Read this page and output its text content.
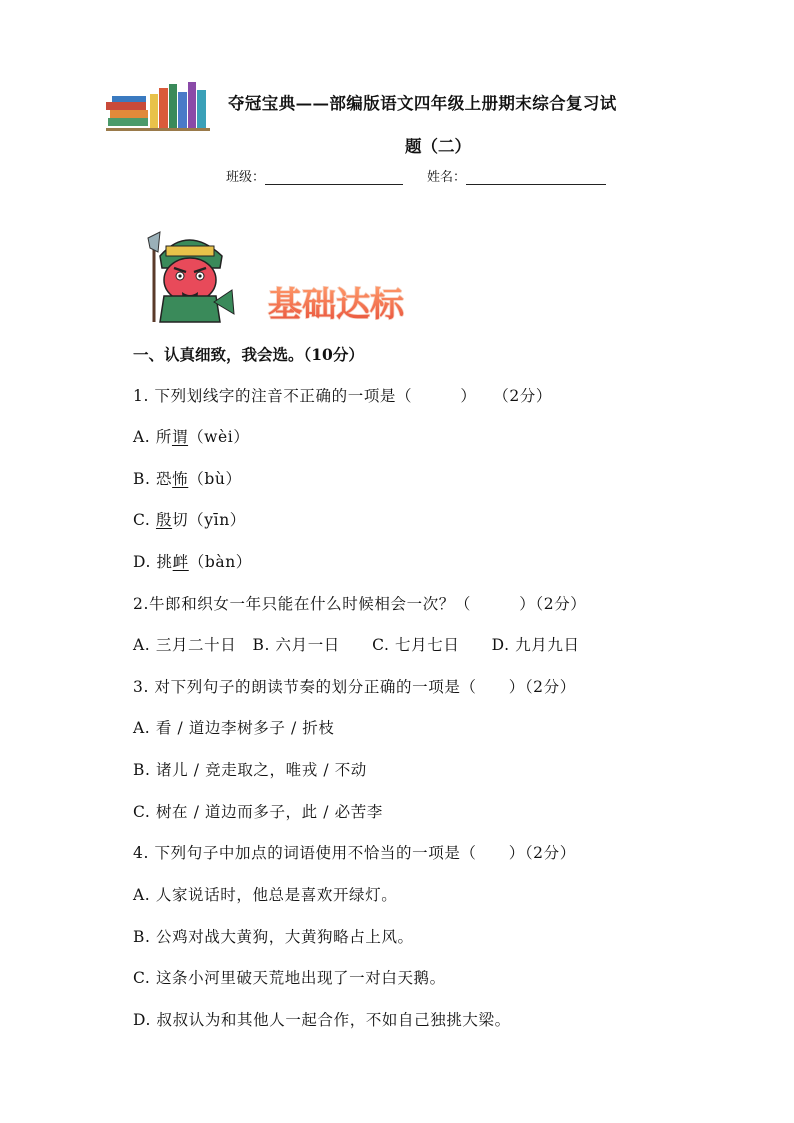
夺冠宝典——部编版语文四年级上册期末综合复习试
题（二）
班级：	姓名：
基础达标
一、认真细致，我会选。（10分）
1. 下列划线字的注音不正确的一项是（　　　）　　（2分）
A. 所谓（wèi）
B. 恐怖（bù）
C. 殷切（yīn）
D. 挑衅（bàn）
2.牛郎和织女一年只能在什么时候相会一次？（　　　）（2分）
A. 三月二十日　B. 六月一日　　C. 七月七日　　D. 九月九日
3. 对下列句子的朗读节奏的划分正确的一项是（　　）（2分）
A. 看 / 道边李树多子 / 折枝
B. 诸儿 / 竞走取之，唯戎 / 不动
C. 树在 / 道边而多子，此 / 必苦李
4. 下列句子中加点的词语使用不恰当的一项是（　　）（2分）
A. 人家说话时，他总是喜欢开绿灯。
B. 公鸡对战大黄狗，大黄狗略占上风。
C. 这条小河里破天荒地出现了一对白天鹅。
D. 叔叔认为和其他人一起合作，不如自己独挑大梁。
